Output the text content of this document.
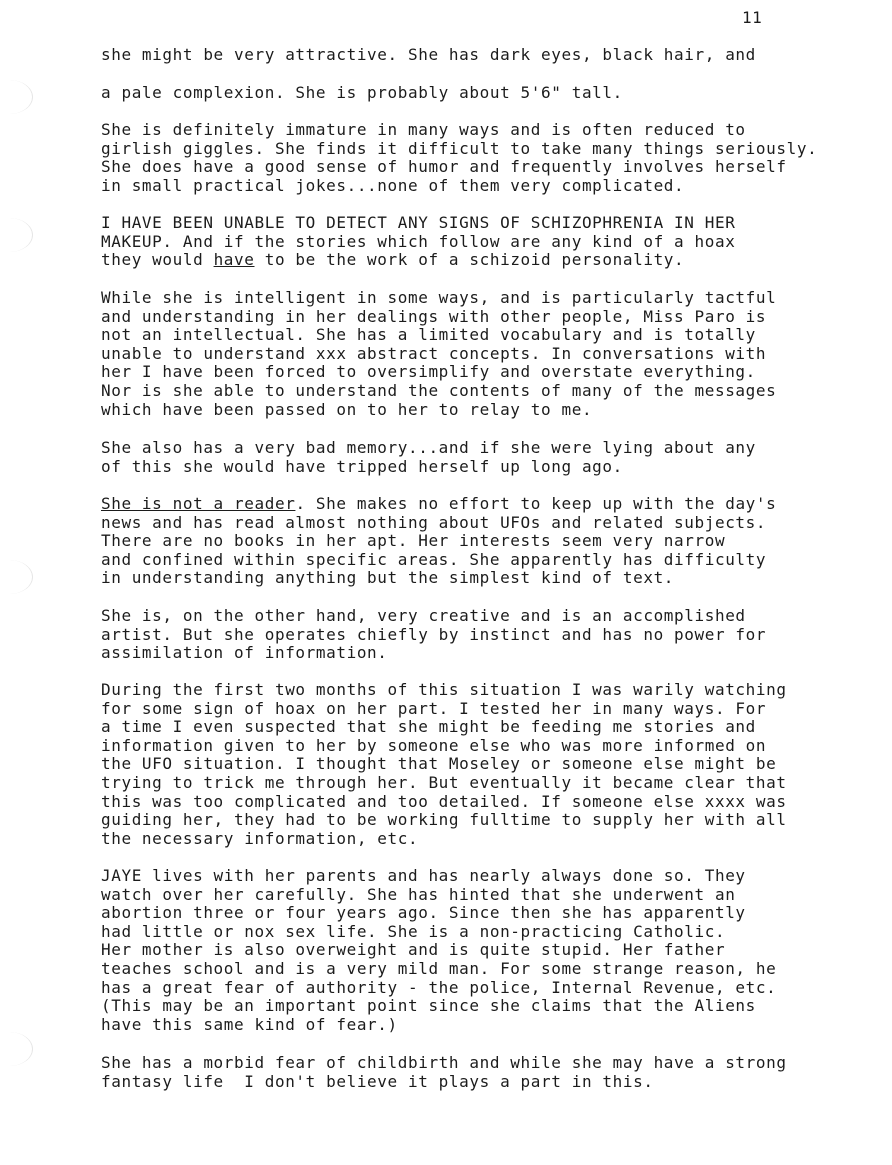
11
she might be very attractive. She has dark eyes, black hair, and
a pale complexion. She is probably about 5'6" tall.
She is definitely immature in many ways and is often reduced to
girlish giggles. She finds it difficult to take many things seriously.
She does have a good sense of humor and frequently involves herself
in small practical jokes...none of them very complicated.
I HAVE BEEN UNABLE TO DETECT ANY SIGNS OF SCHIZOPHRENIA IN HER
MAKEUP. And if the stories which follow are any kind of a hoax
they would have to be the work of a schizoid personality.
While she is intelligent in some ways, and is particularly tactful
and understanding in her dealings with other people, Miss Paro is
not an intellectual. She has a limited vocabulary and is totally
unable to understand xxx abstract concepts. In conversations with
her I have been forced to oversimplify and overstate everything.
Nor is she able to understand the contents of many of the messages
which have been passed on to her to relay to me.
She also has a very bad memory...and if she were lying about any
of this she would have tripped herself up long ago.
She is not a reader. She makes no effort to keep up with the day's
news and has read almost nothing about UFOs and related subjects.
There are no books in her apt. Her interests seem very narrow
and confined within specific areas. She apparently has difficulty
in understanding anything but the simplest kind of text.
She is, on the other hand, very creative and is an accomplished
artist. But she operates chiefly by instinct and has no power for
assimilation of information.
During the first two months of this situation I was warily watching
for some sign of hoax on her part. I tested her in many ways. For
a time I even suspected that she might be feeding me stories and
information given to her by someone else who was more informed on
the UFO situation. I thought that Moseley or someone else might be
trying to trick me through her. But eventually it became clear that
this was too complicated and too detailed. If someone else xxxx was
guiding her, they had to be working fulltime to supply her with all
the necessary information, etc.
JAYE lives with her parents and has nearly always done so. They
watch over her carefully. She has hinted that she underwent an
abortion three or four years ago. Since then she has apparently
had little or nox sex life. She is a non-practicing Catholic.
Her mother is also overweight and is quite stupid. Her father
teaches school and is a very mild man. For some strange reason, he
has a great fear of authority - the police, Internal Revenue, etc.
(This may be an important point since she claims that the Aliens
have this same kind of fear.)
She has a morbid fear of childbirth and while she may have a strong
fantasy life  I don't believe it plays a part in this.
